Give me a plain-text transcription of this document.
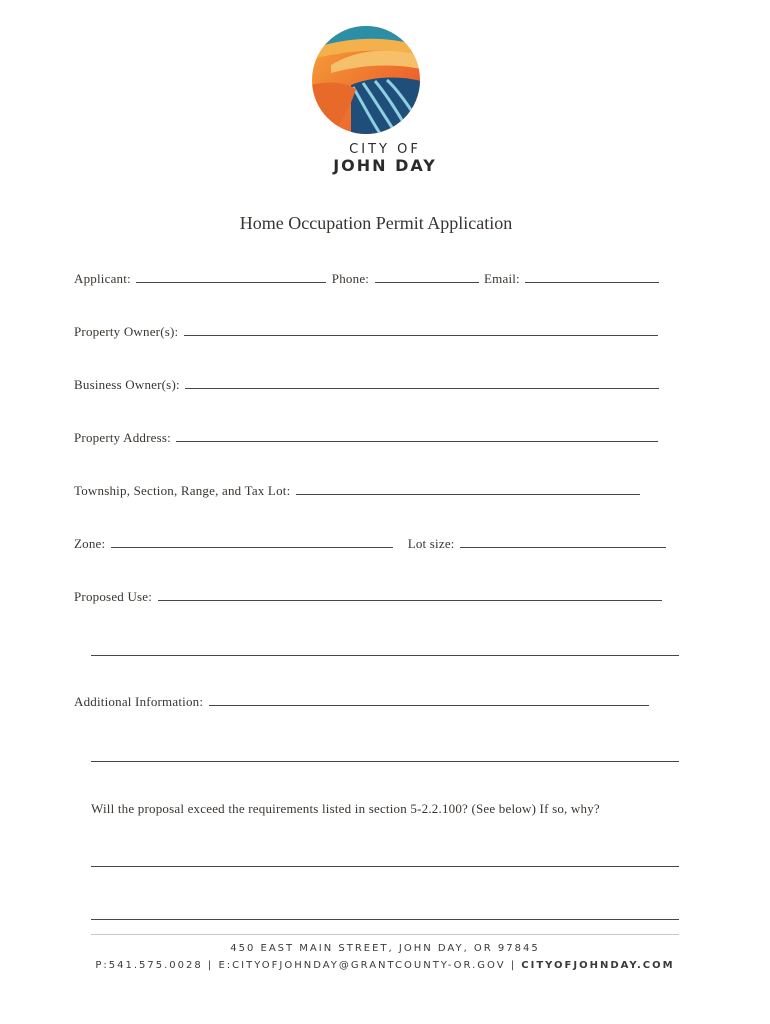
CITY OF
JOHN DAY
Home Occupation Permit Application
Applicant:	Phone:	Email:
Property Owner(s):
Business Owner(s):
Property Address:
Township, Section, Range, and Tax Lot:
Zone:	Lot size:
Proposed Use:
Additional Information:
Will the proposal exceed the requirements listed in section 5-2.2.100? (See below) If so, why?
450 EAST MAIN STREET, JOHN DAY, OR 97845
P:541.575.0028 | E:CITYOFJOHNDAY@GRANTCOUNTY-OR.GOV | CITYOFJOHNDAY.COM
